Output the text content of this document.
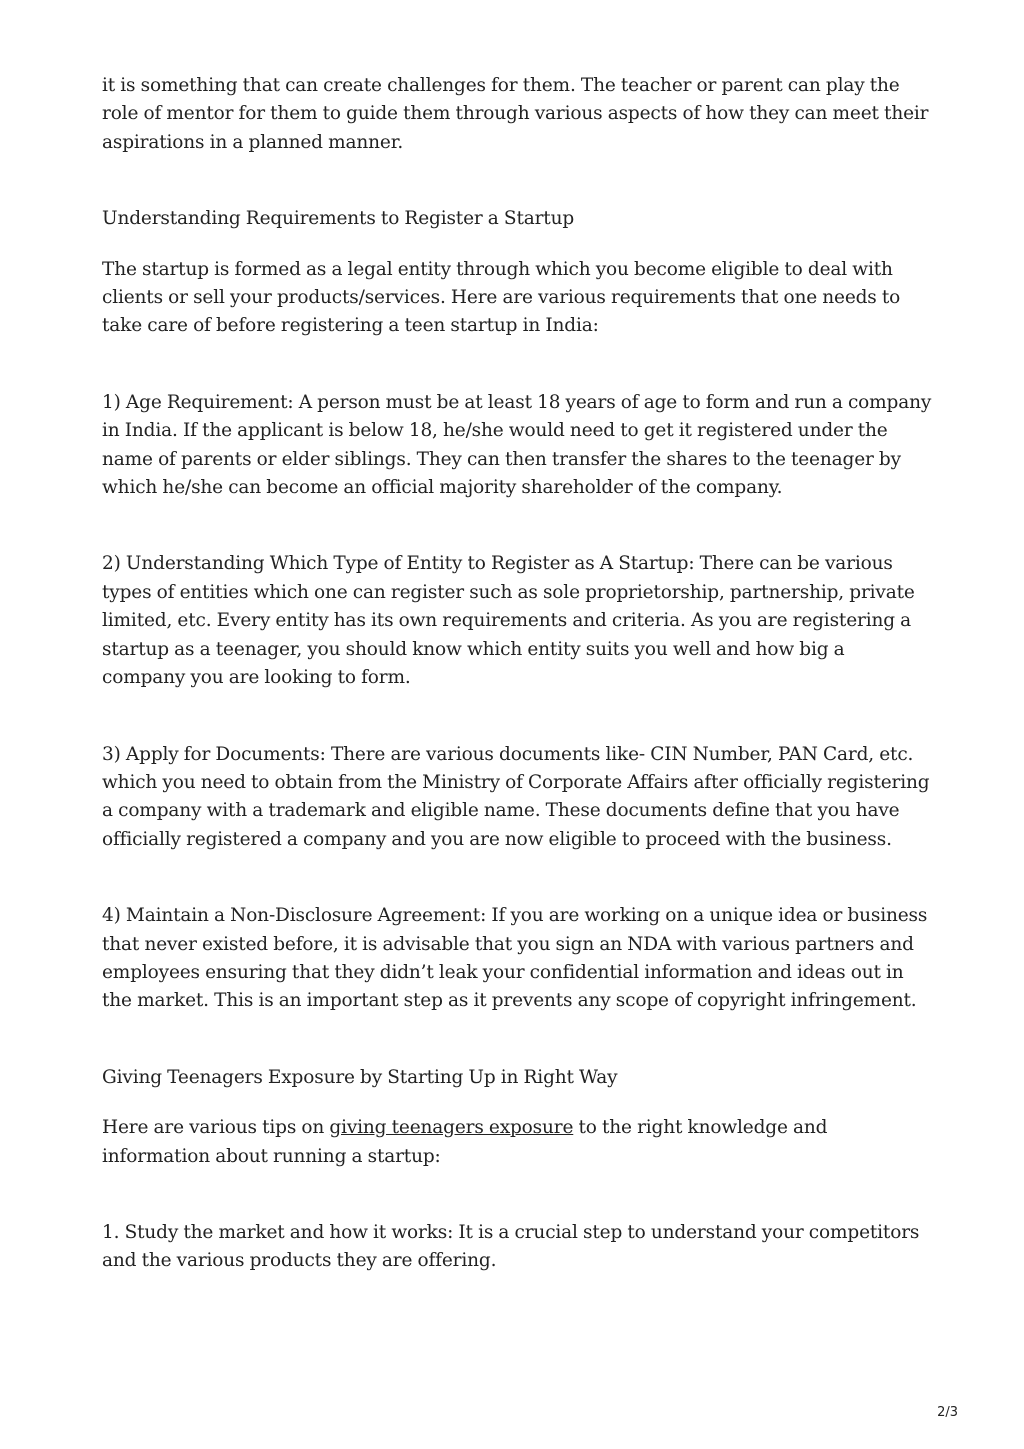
it is something that can create challenges for them. The teacher or parent can play the role of mentor for them to guide them through various aspects of how they can meet their aspirations in a planned manner.

Understanding Requirements to Register a Startup

The startup is formed as a legal entity through which you become eligible to deal with clients or sell your products/services. Here are various requirements that one needs to take care of before registering a teen startup in India:

1) Age Requirement: A person must be at least 18 years of age to form and run a company in India. If the applicant is below 18, he/she would need to get it registered under the name of parents or elder siblings. They can then transfer the shares to the teenager by which he/she can become an official majority shareholder of the company.

2) Understanding Which Type of Entity to Register as A Startup: There can be various types of entities which one can register such as sole proprietorship, partnership, private limited, etc. Every entity has its own requirements and criteria. As you are registering a startup as a teenager, you should know which entity suits you well and how big a company you are looking to form.

3) Apply for Documents: There are various documents like- CIN Number, PAN Card, etc. which you need to obtain from the Ministry of Corporate Affairs after officially registering a company with a trademark and eligible name. These documents define that you have officially registered a company and you are now eligible to proceed with the business.

4) Maintain a Non-Disclosure Agreement: If you are working on a unique idea or business that never existed before, it is advisable that you sign an NDA with various partners and employees ensuring that they didn’t leak your confidential information and ideas out in the market. This is an important step as it prevents any scope of copyright infringement.

Giving Teenagers Exposure by Starting Up in Right Way

Here are various tips on giving teenagers exposure to the right knowledge and information about running a startup:

1. Study the market and how it works: It is a crucial step to understand your competitors and the various products they are offering.

2/3
